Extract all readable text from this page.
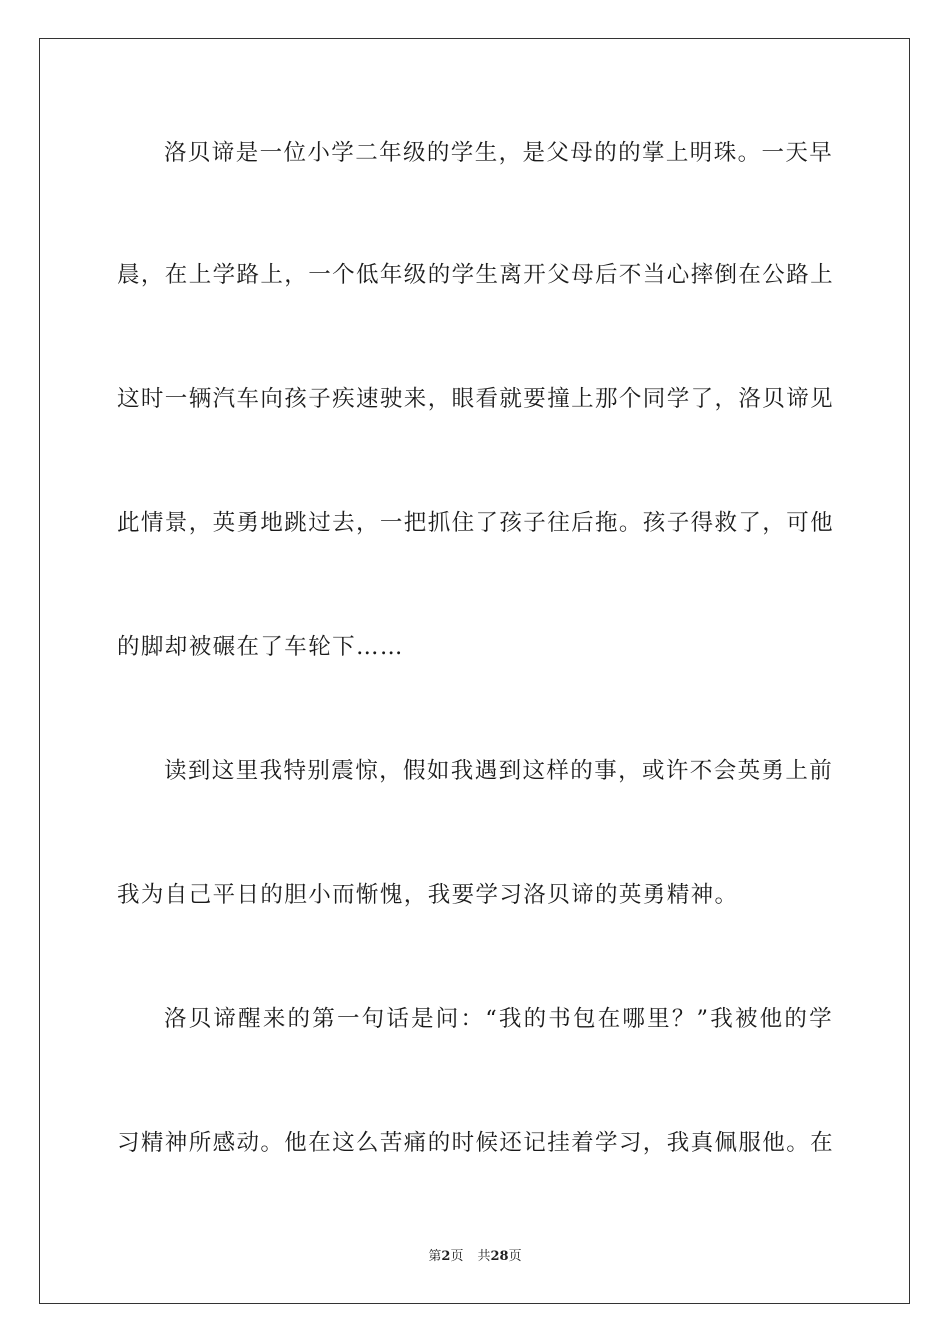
洛贝谛是一位小学二年级的学生，是父母的的掌上明珠。一天早
晨，在上学路上，一个低年级的学生离开父母后不当心摔倒在公路上
这时一辆汽车向孩子疾速驶来，眼看就要撞上那个同学了，洛贝谛见
此情景，英勇地跳过去，一把抓住了孩子往后拖。孩子得救了，可他
的脚却被碾在了车轮下……
读到这里我特别震惊，假如我遇到这样的事，或许不会英勇上前
我为自己平日的胆小而惭愧，我要学习洛贝谛的英勇精神。
洛贝谛醒来的第一句话是问：“我的书包在哪里？”我被他的学
习精神所感动。他在这么苦痛的时候还记挂着学习，我真佩服他。在
第2页 共28页
